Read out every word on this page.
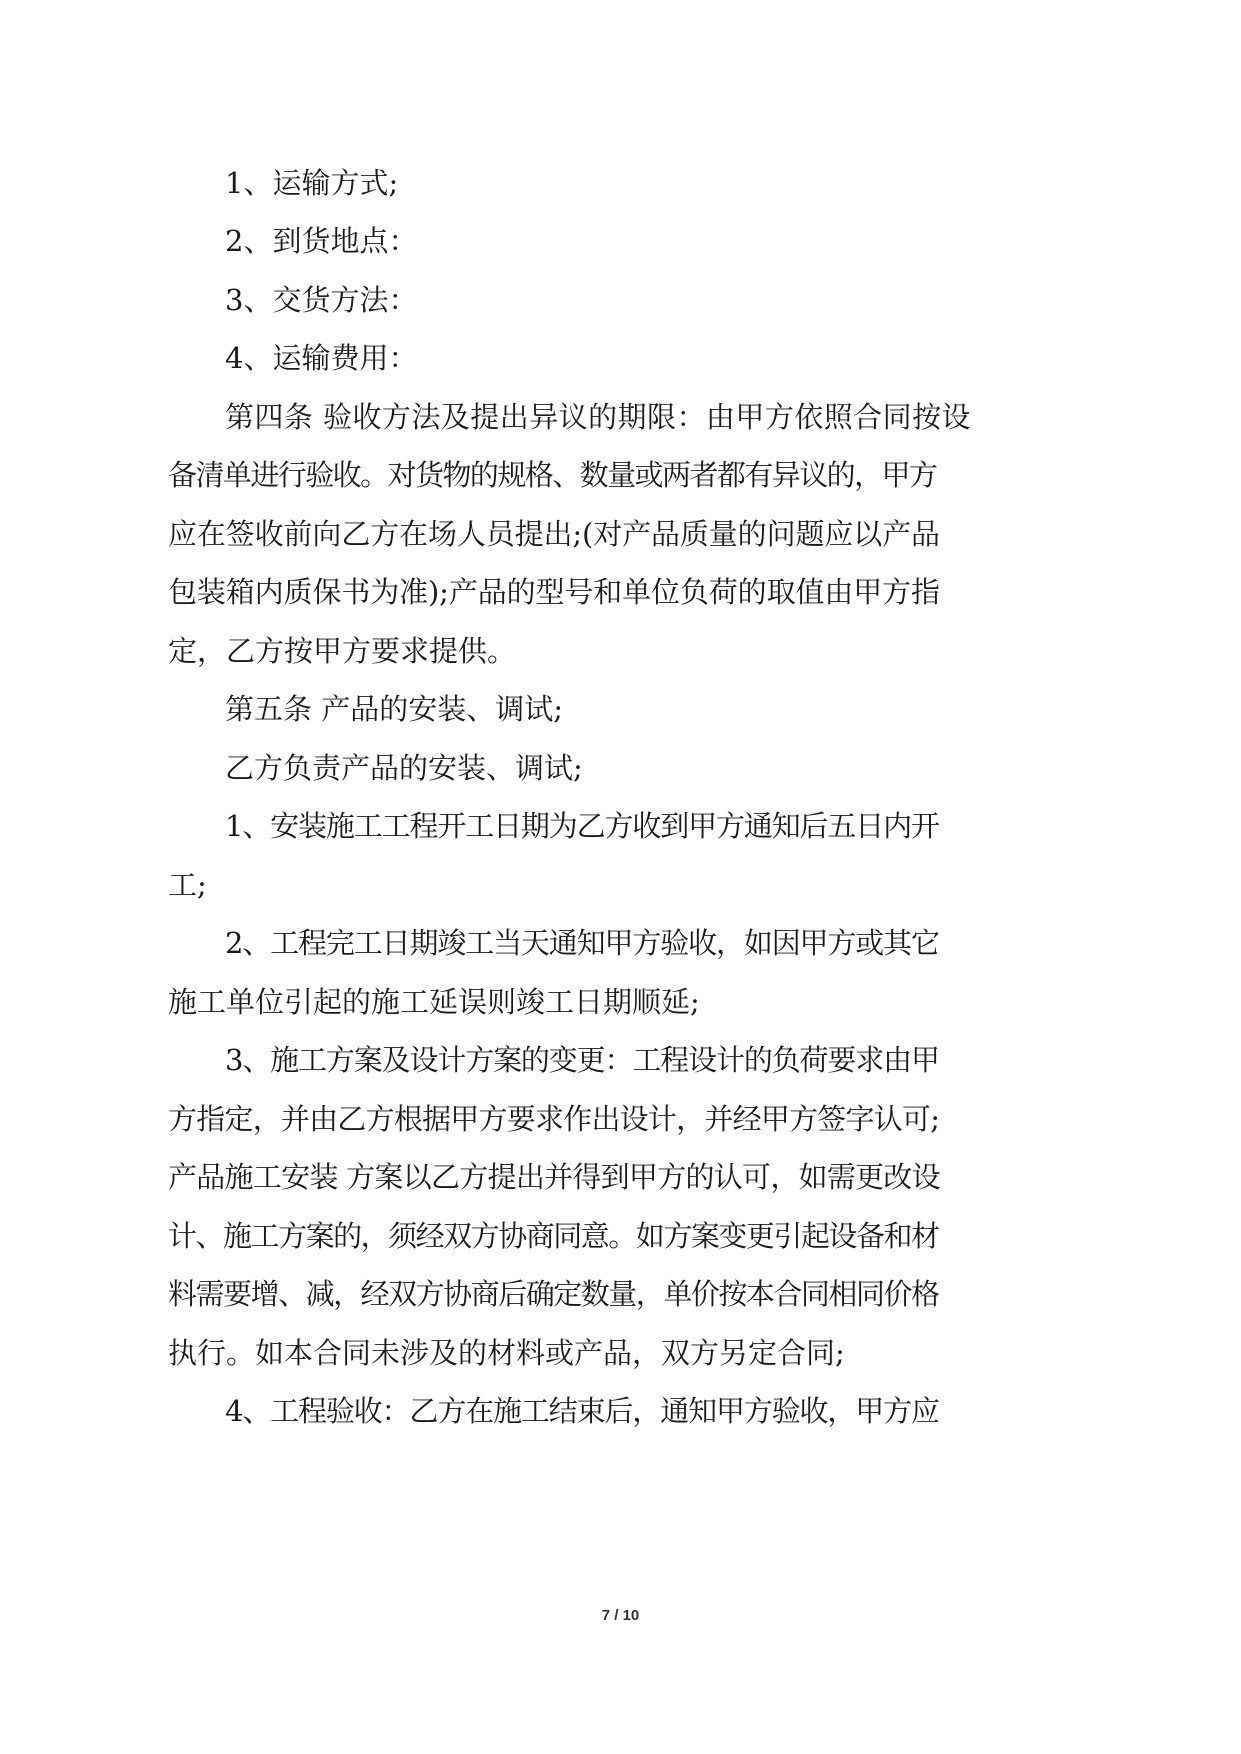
1、运输方式;
2、到货地点：
3、交货方法：
4、运输费用：
第四条 验收方法及提出异议的期限：由甲方依照合同按设
备清单进行验收。对货物的规格、数量或两者都有异议的，甲方
应在签收前向乙方在场人员提出;(对产品质量的问题应以产品
包装箱内质保书为准);产品的型号和单位负荷的取值由甲方指
定，乙方按甲方要求提供。
第五条 产品的安装、调试;
乙方负责产品的安装、调试;
1、安装施工工程开工日期为乙方收到甲方通知后五日内开
工;
2、工程完工日期竣工当天通知甲方验收，如因甲方或其它
施工单位引起的施工延误则竣工日期顺延;
3、施工方案及设计方案的变更：工程设计的负荷要求由甲
方指定，并由乙方根据甲方要求作出设计，并经甲方签字认可;
产品施工安装 方案以乙方提出并得到甲方的认可，如需更改设
计、施工方案的，须经双方协商同意。如方案变更引起设备和材
料需要增、减，经双方协商后确定数量，单价按本合同相同价格
执行。如本合同未涉及的材料或产品，双方另定合同;
4、工程验收：乙方在施工结束后，通知甲方验收，甲方应
7 / 10
